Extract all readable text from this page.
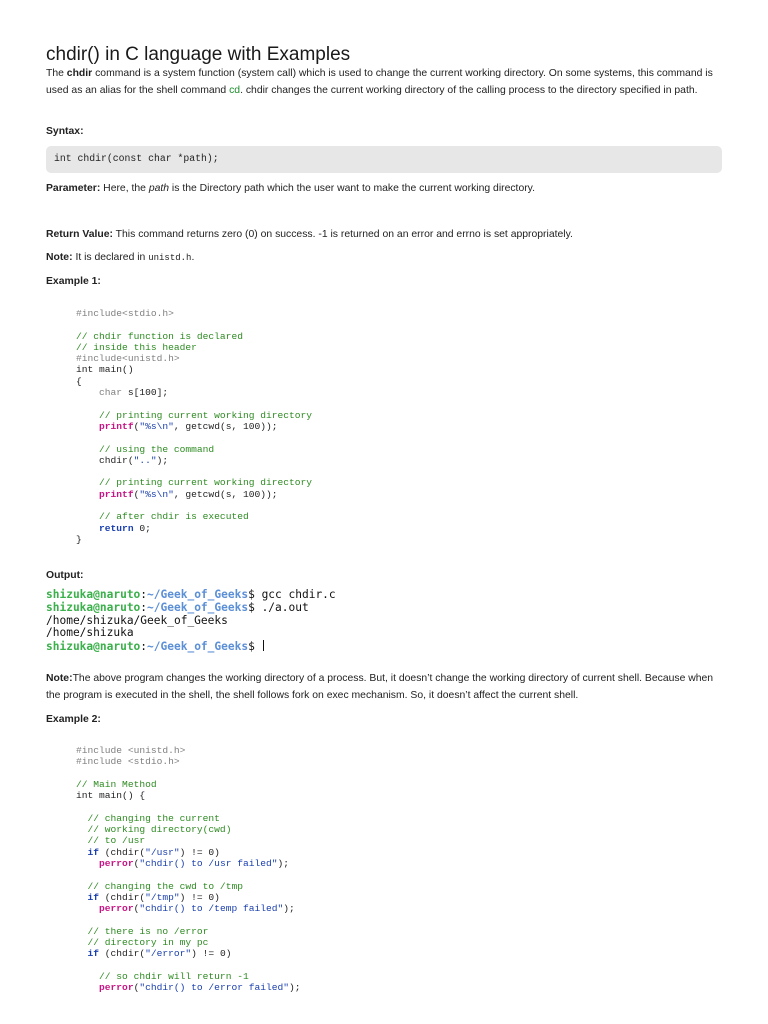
chdir() in C language with Examples
The chdir command is a system function (system call) which is used to change the current working directory. On some systems, this command is used as an alias for the shell command cd. chdir changes the current working directory of the calling process to the directory specified in path.
Syntax:
int chdir(const char *path);
Parameter: Here, the path is the Directory path which the user want to make the current working directory.
Return Value: This command returns zero (0) on success. -1 is returned on an error and errno is set appropriately.
Note: It is declared in unistd.h.
Example 1:
#include<stdio.h>

// chdir function is declared
// inside this header
#include<unistd.h>
int main()
{
char s[100];

// printing current working directory
printf("%s\n", getcwd(s, 100));

// using the command
chdir("..");

// printing current working directory
printf("%s\n", getcwd(s, 100));

// after chdir is executed
return 0;
}
Output:
shizuka@naruto:~/Geek_of_Geeks$ gcc chdir.c
shizuka@naruto:~/Geek_of_Geeks$ ./a.out
/home/shizuka/Geek_of_Geeks
/home/shizuka
shizuka@naruto:~/Geek_of_Geeks$
Note:The above program changes the working directory of a process. But, it doesn’t change the working directory of current shell. Because when the program is executed in the shell, the shell follows fork on exec mechanism. So, it doesn’t affect the current shell.
Example 2:
#include <unistd.h>
#include <stdio.h>

// Main Method
int main() {

// changing the current
// working directory(cwd)
// to /usr
if (chdir("/usr") != 0)
perror("chdir() to /usr failed");

// changing the cwd to /tmp
if (chdir("/tmp") != 0)
perror("chdir() to /temp failed");

// there is no /error
// directory in my pc
if (chdir("/error") != 0)

// so chdir will return -1
perror("chdir() to /error failed");
